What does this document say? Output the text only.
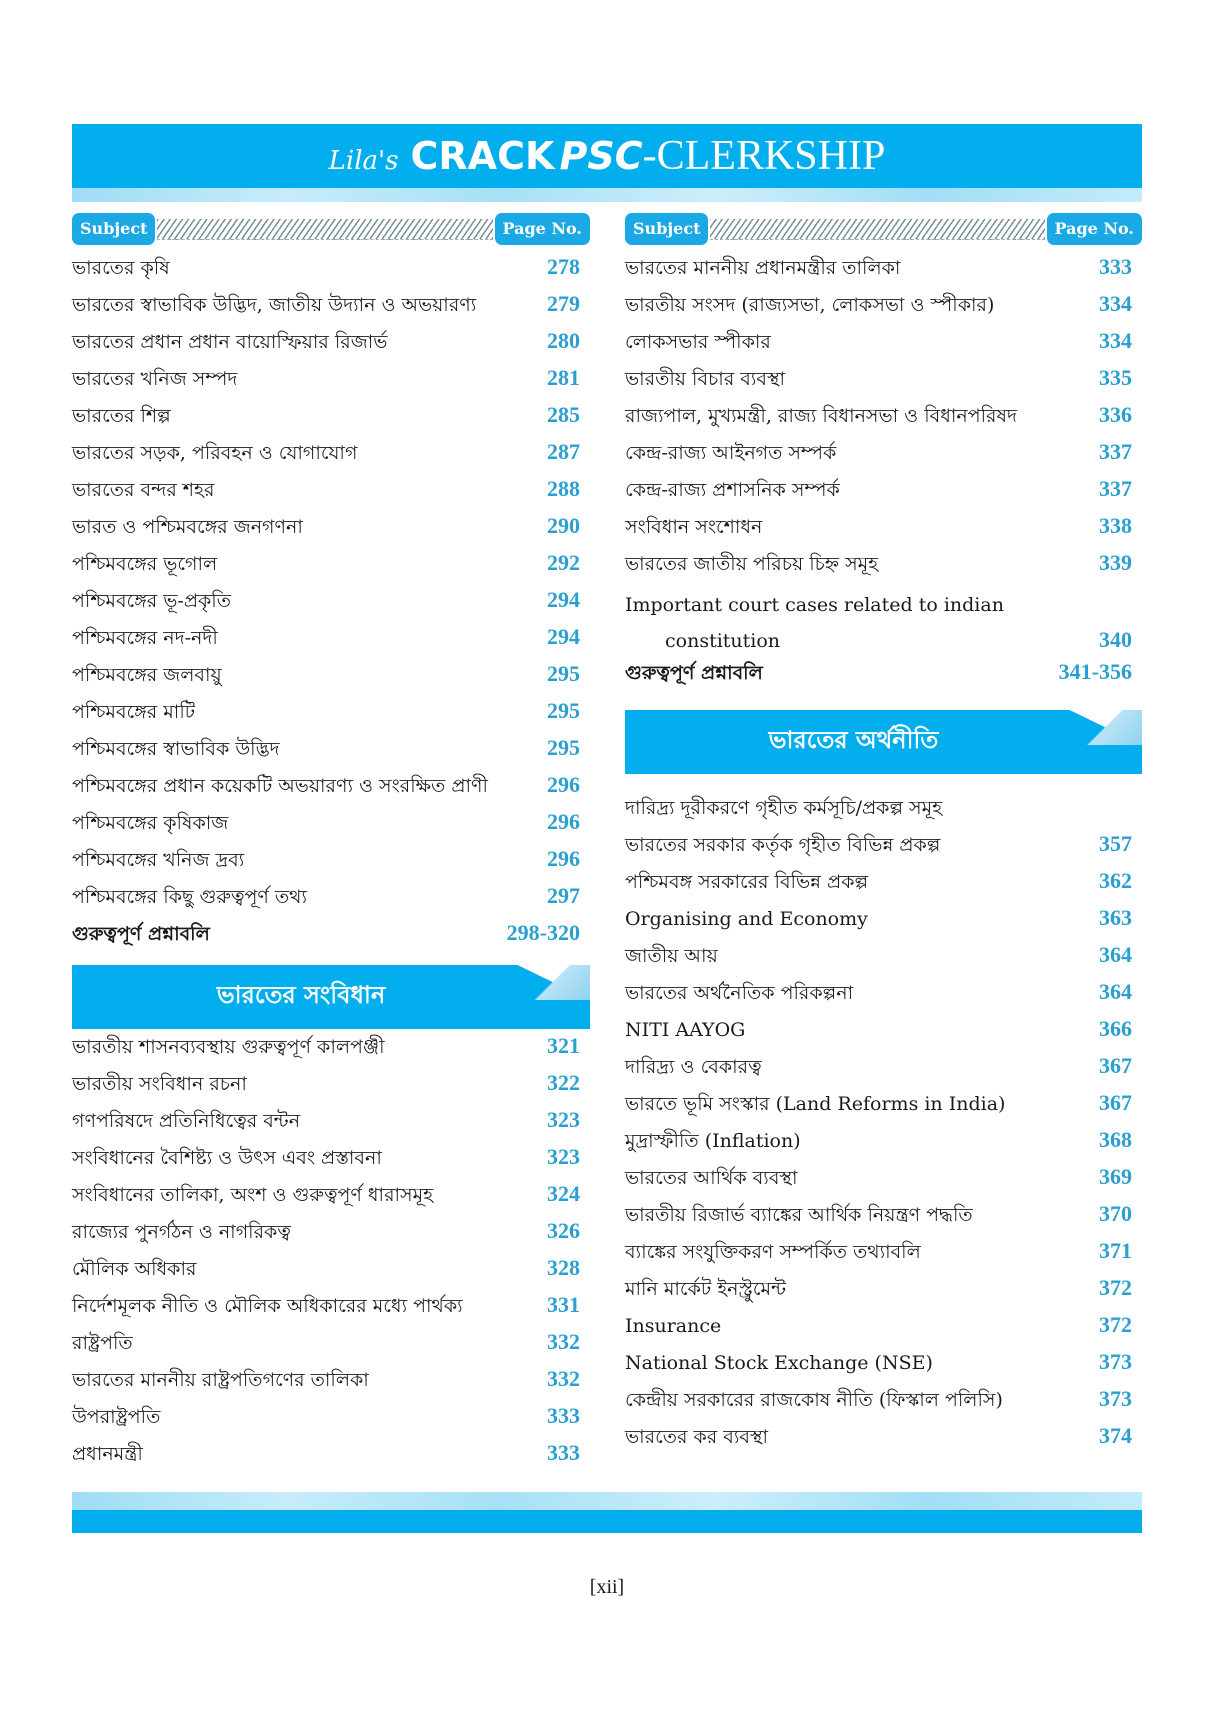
Lila's CRACK PSC-CLERKSHIP
Subject	Page No.
ভারতের কৃষি	278
ভারতের স্বাভাবিক উদ্ভিদ, জাতীয় উদ্যান ও অভয়ারণ্য	279
ভারতের প্রধান প্রধান বায়োস্ফিয়ার রিজার্ভ	280
ভারতের খনিজ সম্পদ	281
ভারতের শিল্প	285
ভারতের সড়ক, পরিবহন ও যোগাযোগ	287
ভারতের বন্দর শহর	288
ভারত ও পশ্চিমবঙ্গের জনগণনা	290
পশ্চিমবঙ্গের ভূগোল	292
পশ্চিমবঙ্গের ভূ-প্রকৃতি	294
পশ্চিমবঙ্গের নদ-নদী	294
পশ্চিমবঙ্গের জলবায়ু	295
পশ্চিমবঙ্গের মাটি	295
পশ্চিমবঙ্গের স্বাভাবিক উদ্ভিদ	295
পশ্চিমবঙ্গের প্রধান কয়েকটি অভয়ারণ্য ও সংরক্ষিত প্রাণী	296
পশ্চিমবঙ্গের কৃষিকাজ	296
পশ্চিমবঙ্গের খনিজ দ্রব্য	296
পশ্চিমবঙ্গের কিছু গুরুত্বপূর্ণ তথ্য	297
গুরুত্বপূর্ণ প্রশ্নাবলি	298-320
ভারতের সংবিধান
ভারতীয় শাসনব্যবস্থায় গুরুত্বপূর্ণ কালপঞ্জী	321
ভারতীয় সংবিধান রচনা	322
গণপরিষদে প্রতিনিধিত্বের বন্টন	323
সংবিধানের বৈশিষ্ট্য ও উৎস এবং প্রস্তাবনা	323
সংবিধানের তালিকা, অংশ ও গুরুত্বপূর্ণ ধারাসমূহ	324
রাজ্যের পুনর্গঠন ও নাগরিকত্ব	326
মৌলিক অধিকার	328
নির্দেশমূলক নীতি ও মৌলিক অধিকারের মধ্যে পার্থক্য	331
রাষ্ট্রপতি	332
ভারতের মাননীয় রাষ্ট্রপতিগণের তালিকা	332
উপরাষ্ট্রপতি	333
প্রধানমন্ত্রী	333
Subject	Page No.
ভারতের মাননীয় প্রধানমন্ত্রীর তালিকা	333
ভারতীয় সংসদ (রাজ্যসভা, লোকসভা ও স্পীকার)	334
লোকসভার স্পীকার	334
ভারতীয় বিচার ব্যবস্থা	335
রাজ্যপাল, মুখ্যমন্ত্রী, রাজ্য বিধানসভা ও বিধানপরিষদ	336
কেন্দ্র-রাজ্য আইনগত সম্পর্ক	337
কেন্দ্র-রাজ্য প্রশাসনিক সম্পর্ক	337
সংবিধান সংশোধন	338
ভারতের জাতীয় পরিচয় চিহ্ন সমূহ	339
Important court cases related to indian
constitution	340
গুরুত্বপূর্ণ প্রশ্নাবলি	341-356
ভারতের অর্থনীতি
দারিদ্র্য দূরীকরণে গৃহীত কর্মসূচি/প্রকল্প সমূহ
ভারতের সরকার কর্তৃক গৃহীত বিভিন্ন প্রকল্প	357
পশ্চিমবঙ্গ সরকারের বিভিন্ন প্রকল্প	362
Organising and Economy	363
জাতীয় আয়	364
ভারতের অর্থনৈতিক পরিকল্পনা	364
NITI AAYOG	366
দারিদ্র্য ও বেকারত্ব	367
ভারতে ভূমি সংস্কার (Land Reforms in India)	367
মুদ্রাস্ফীতি (Inflation)	368
ভারতের আর্থিক ব্যবস্থা	369
ভারতীয় রিজার্ভ ব্যাঙ্কের আর্থিক নিয়ন্ত্রণ পদ্ধতি	370
ব্যাঙ্কের সংযুক্তিকরণ সম্পর্কিত তথ্যাবলি	371
মানি মার্কেট ইনস্ট্রুমেন্ট	372
Insurance	372
National Stock Exchange (NSE)	373
কেন্দ্রীয় সরকারের রাজকোষ নীতি (ফিস্কাল পলিসি)	373
ভারতের কর ব্যবস্থা	374
[xii]
